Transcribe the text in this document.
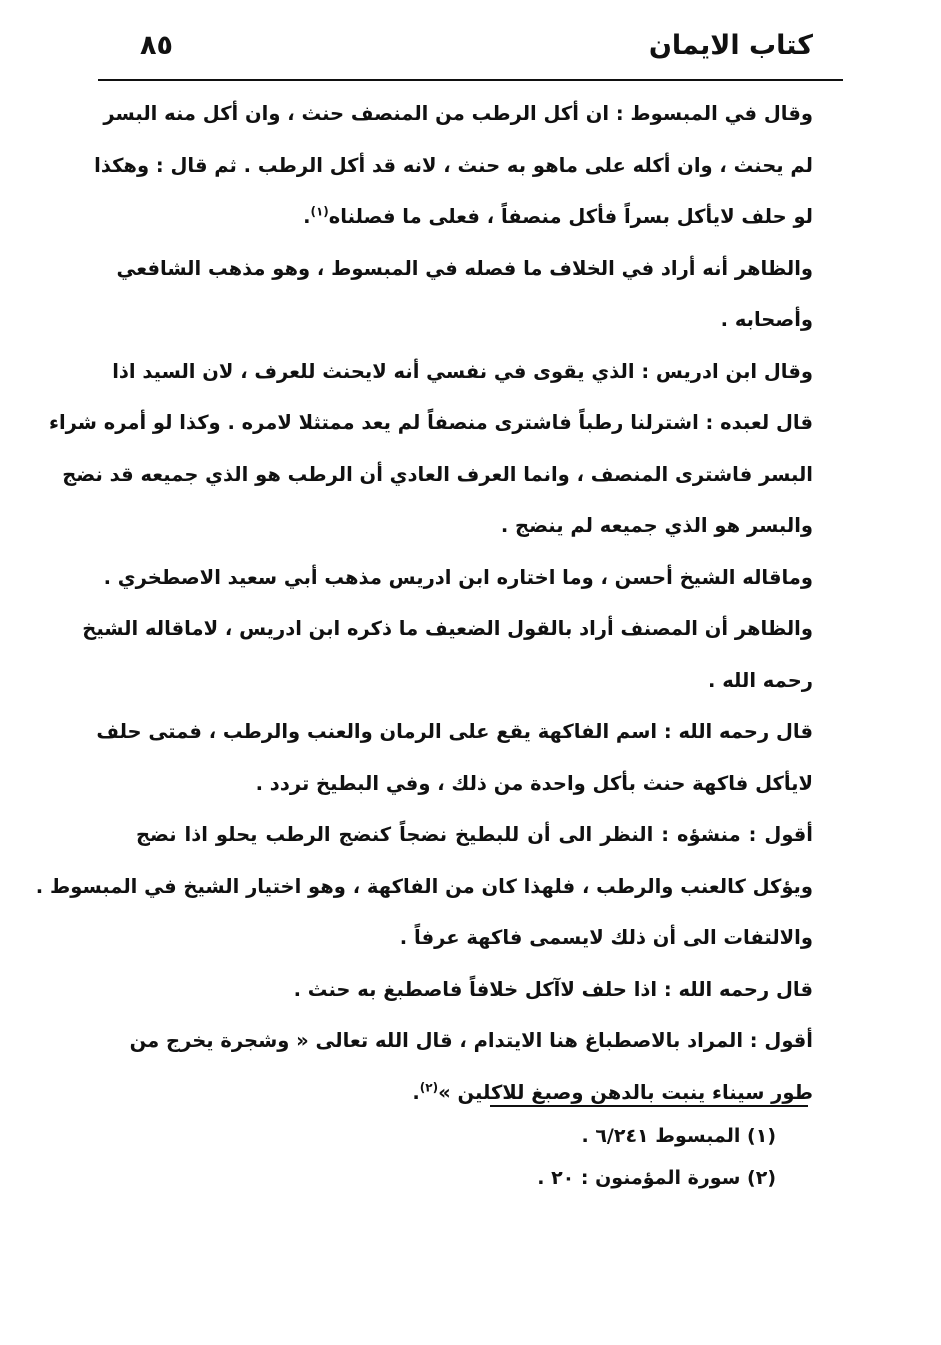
كتاب الايمان
٨٥
وقال في المبسوط : ان أكل الرطب من المنصف حنث ، وان أكل منه البسر
لم يحنث ، وان أكله على ماهو به حنث ، لانه قد أكل الرطب . ثم قال : وهكذا
لو حلف لايأكل بسراً فأكل منصفاً ، فعلى ما فصلناه$^{(١)}$.
والظاهر أنه أراد في الخلاف ما فصله في المبسوط ، وهو مذهب الشافعي
وأصحابه .
وقال ابن ادريس : الذي يقوى في نفسي أنه لايحنث للعرف ، لان السيد اذا
قال لعبده : اشترلنا رطباً فاشترى منصفاً لم يعد ممتثلا لامره . وكذا لو أمره شراء
البسر فاشترى المنصف ، وانما العرف العادي أن الرطب هو الذي جميعه قد نضج
والبسر هو الذي جميعه لم ينضج .
وماقاله الشيخ أحسن ، وما اختاره ابن ادريس مذهب أبي سعيد الاصطخري .
والظاهر أن المصنف أراد بالقول الضعيف ما ذكره ابن ادريس ، لاماقاله الشيخ
رحمه الله .
قال رحمه الله : اسم الفاكهة يقع على الرمان والعنب والرطب ، فمتى حلف
لايأكل فاكهة حنث بأكل واحدة من ذلك ، وفي البطيخ تردد .
أقول : منشؤه : النظر الى أن للبطيخ نضجاً كنضج الرطب يحلو اذا نضج
ويؤكل كالعنب والرطب ، فلهذا كان من الفاكهة ، وهو اختيار الشيخ في المبسوط .
والالتفات الى أن ذلك لايسمى فاكهة عرفاً .
قال رحمه الله : اذا حلف لاآكل خلافاً فاصطبغ به حنث .
أقول : المراد بالاصطباغ هنا الايتدام ، قال الله تعالى « وشجرة يخرج من
طور سيناء ينبت بالدهن وصبغ للاكلين »$^{(٢)}$.
(١) المبسوط ٦/٢٤١ .
(٢) سورة المؤمنون : ٢٠ .
